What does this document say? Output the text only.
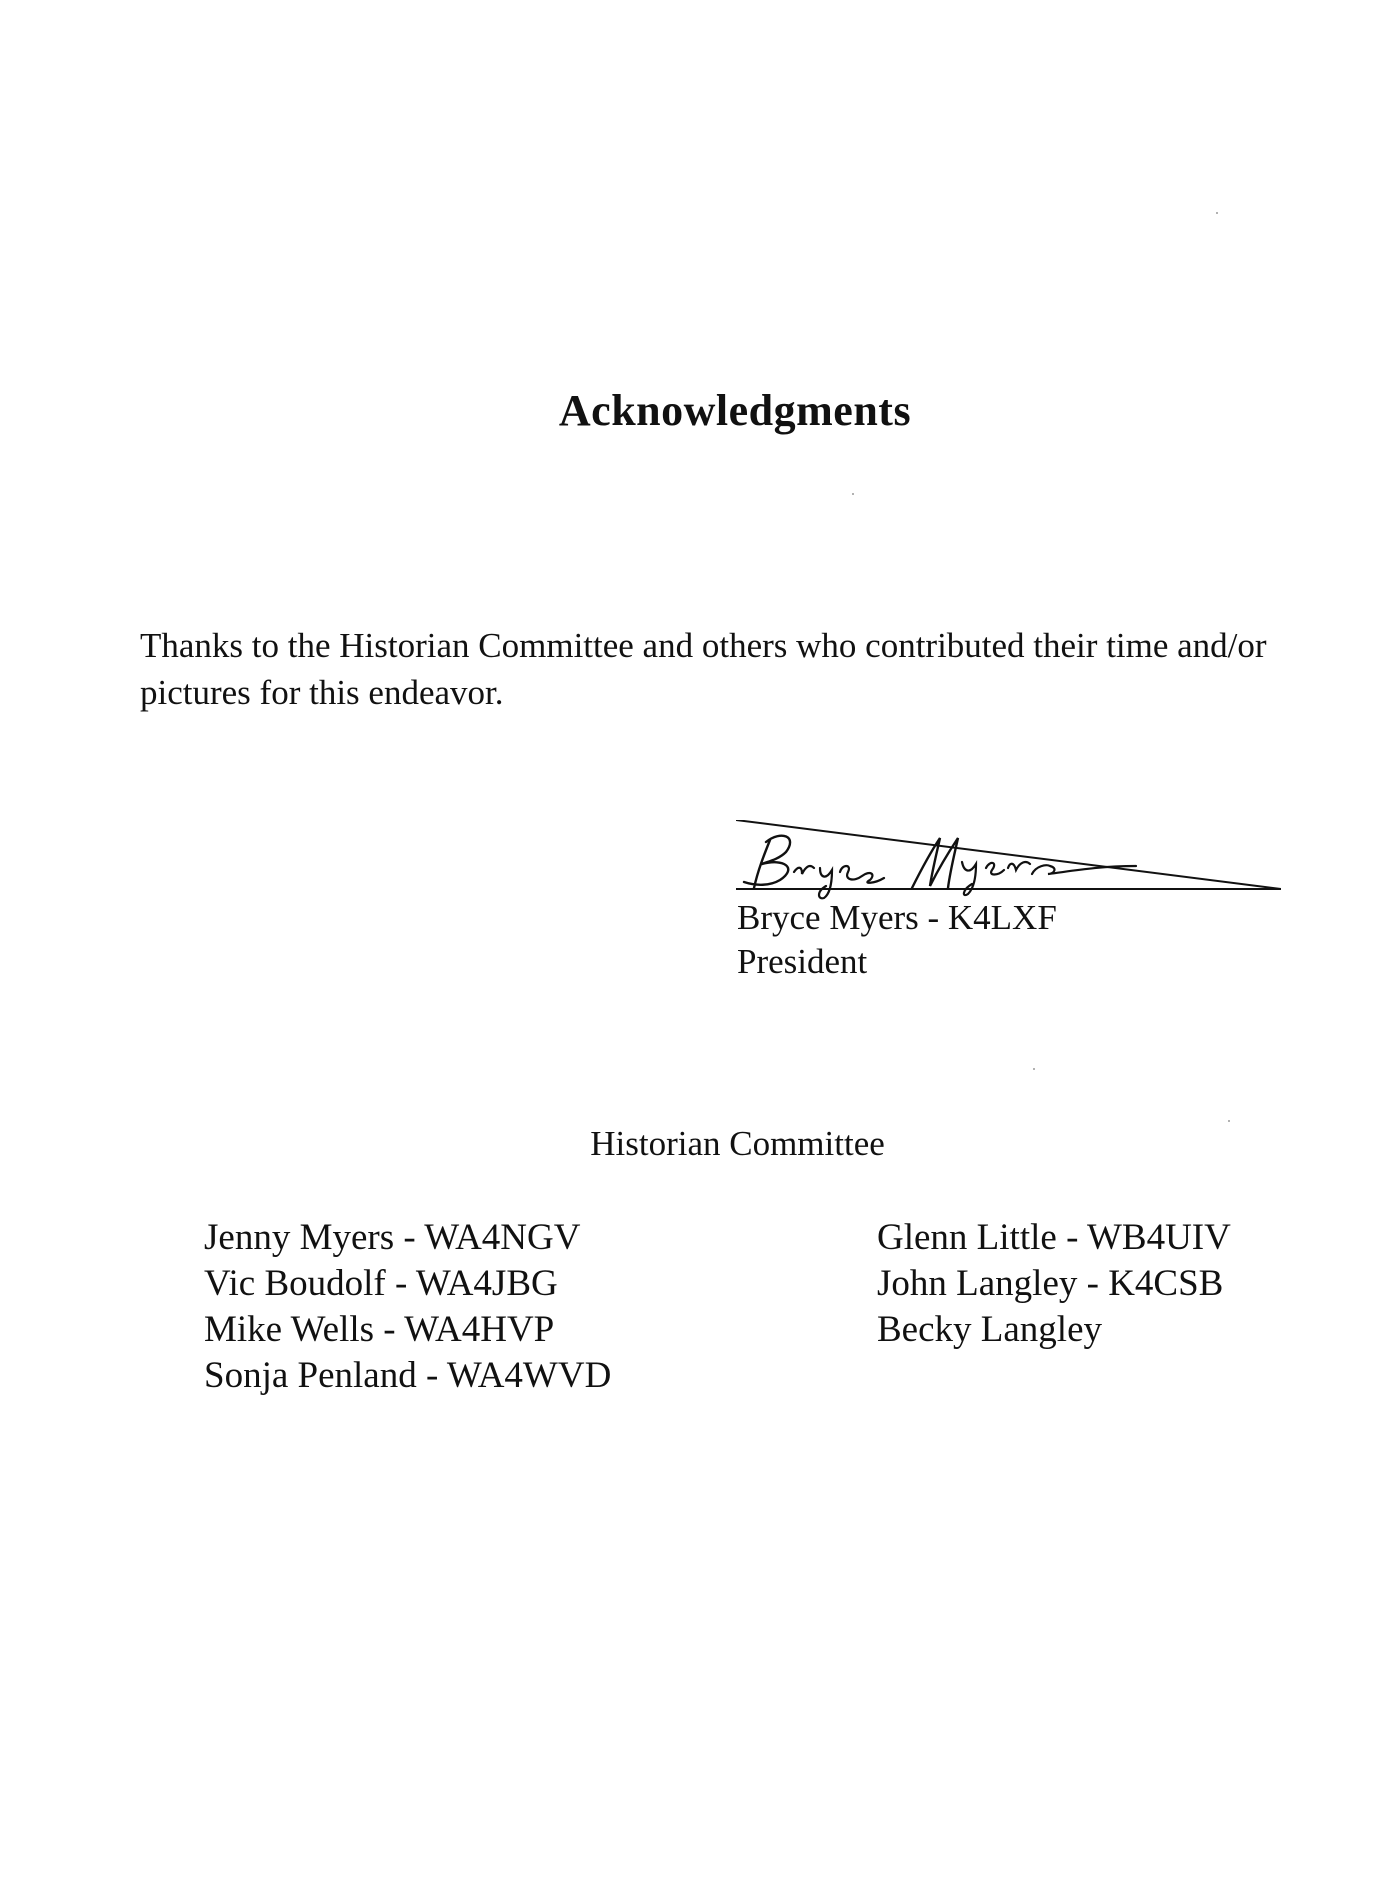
Acknowledgments
Thanks to the Historian Committee and others who contributed their time and/or pictures for this endeavor.
Bryce Myers - K4LXF
President
Historian Committee
Jenny Myers - WA4NGV
Vic Boudolf - WA4JBG
Mike Wells - WA4HVP
Sonja Penland - WA4WVD
Glenn Little - WB4UIV
John Langley - K4CSB
Becky Langley
